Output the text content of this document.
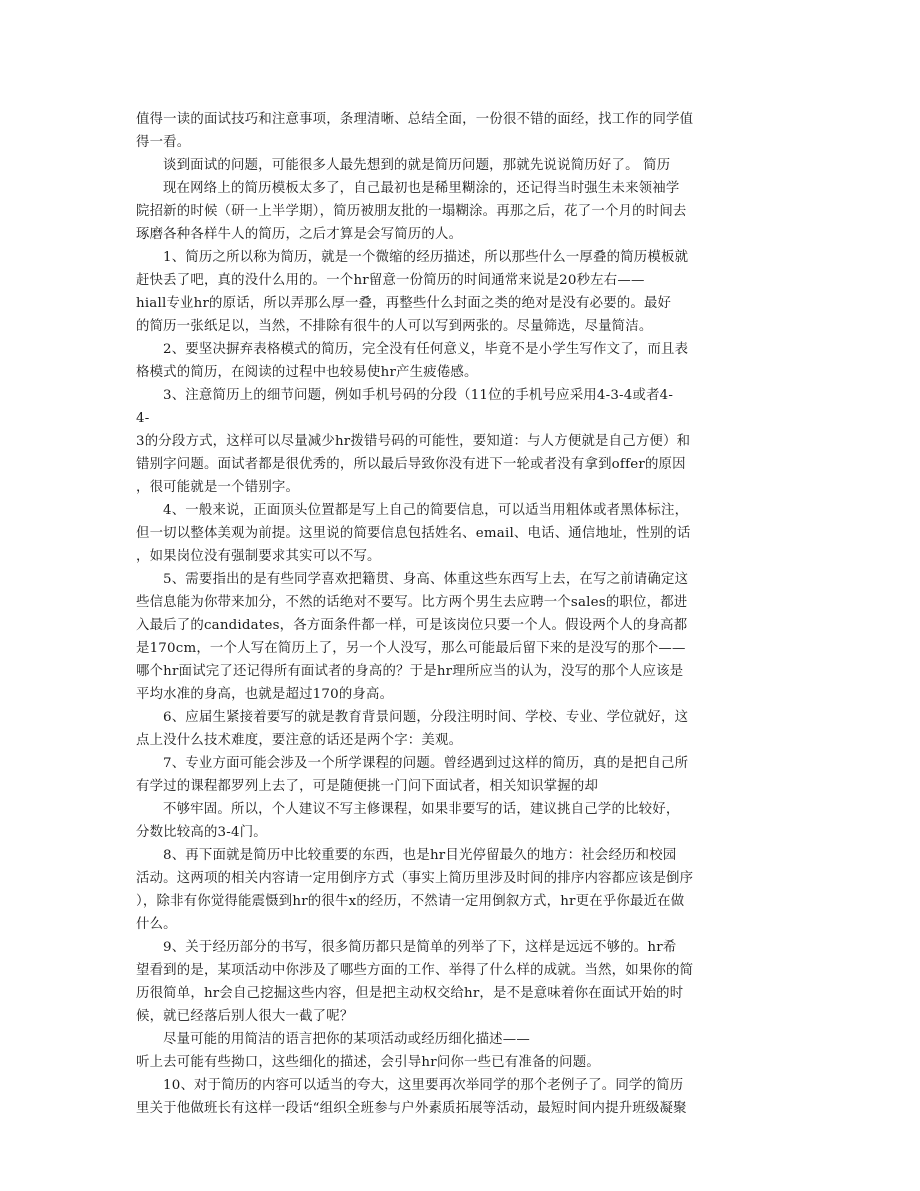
值得一读的面试技巧和注意事项，条理清晰、总结全面，一份很不错的面经，找工作的同学值
得一看。
谈到面试的问题，可能很多人最先想到的就是简历问题，那就先说说简历好了。 简历
现在网络上的简历模板太多了，自己最初也是稀里糊涂的，还记得当时强生未来领袖学
院招新的时候（研一上半学期），简历被朋友批的一塌糊涂。再那之后，花了一个月的时间去
琢磨各种各样牛人的简历，之后才算是会写简历的人。
1、简历之所以称为简历，就是一个微缩的经历描述，所以那些什么一厚叠的简历模板就
赶快丢了吧，真的没什么用的。一个hr留意一份简历的时间通常来说是20秒左右——
hiall专业hr的原话，所以弄那么厚一叠，再整些什么封面之类的绝对是没有必要的。最好
的简历一张纸足以，当然，不排除有很牛的人可以写到两张的。尽量筛选，尽量简洁。
2、要坚决摒弃表格模式的简历，完全没有任何意义，毕竟不是小学生写作文了，而且表
格模式的简历，在阅读的过程中也较易使hr产生疲倦感。
3、注意简历上的细节问题，例如手机号码的分段（11位的手机号应采用4-3-4或者4-
4-
3的分段方式，这样可以尽量减少hr拨错号码的可能性，要知道：与人方便就是自己方便）和
错别字问题。面试者都是很优秀的，所以最后导致你没有进下一轮或者没有拿到offer的原因
，很可能就是一个错别字。
4、一般来说，正面顶头位置都是写上自己的简要信息，可以适当用粗体或者黑体标注，
但一切以整体美观为前提。这里说的简要信息包括姓名、email、电话、通信地址，性别的话
，如果岗位没有强制要求其实可以不写。
5、需要指出的是有些同学喜欢把籍贯、身高、体重这些东西写上去，在写之前请确定这
些信息能为你带来加分，不然的话绝对不要写。比方两个男生去应聘一个sales的职位，都进
入最后了的candidates，各方面条件都一样，可是该岗位只要一个人。假设两个人的身高都
是170cm，一个人写在简历上了，另一个人没写，那么可能最后留下来的是没写的那个——
哪个hr面试完了还记得所有面试者的身高的？于是hr理所应当的认为，没写的那个人应该是
平均水准的身高，也就是超过170的身高。
6、应届生紧接着要写的就是教育背景问题，分段注明时间、学校、专业、学位就好，这
点上没什么技术难度，要注意的话还是两个字：美观。
7、专业方面可能会涉及一个所学课程的问题。曾经遇到过这样的简历，真的是把自己所
有学过的课程都罗列上去了，可是随便挑一门问下面试者，相关知识掌握的却
不够牢固。所以，个人建议不写主修课程，如果非要写的话，建议挑自己学的比较好，
分数比较高的3-4门。
8、再下面就是简历中比较重要的东西，也是hr目光停留最久的地方：社会经历和校园
活动。这两项的相关内容请一定用倒序方式（事实上简历里涉及时间的排序内容都应该是倒序
），除非有你觉得能震慑到hr的很牛x的经历，不然请一定用倒叙方式，hr更在乎你最近在做
什么。
9、关于经历部分的书写，很多简历都只是简单的列举了下，这样是远远不够的。hr希
望看到的是，某项活动中你涉及了哪些方面的工作、举得了什么样的成就。当然，如果你的简
历很简单，hr会自己挖掘这些内容，但是把主动权交给hr，是不是意味着你在面试开始的时
候，就已经落后别人很大一截了呢？
尽量可能的用简洁的语言把你的某项活动或经历细化描述——
听上去可能有些拗口，这些细化的描述，会引导hr问你一些已有准备的问题。
10、对于简历的内容可以适当的夸大，这里要再次举同学的那个老例子了。同学的简历
里关于他做班长有这样一段话“组织全班参与户外素质拓展等活动，最短时间内提升班级凝聚
